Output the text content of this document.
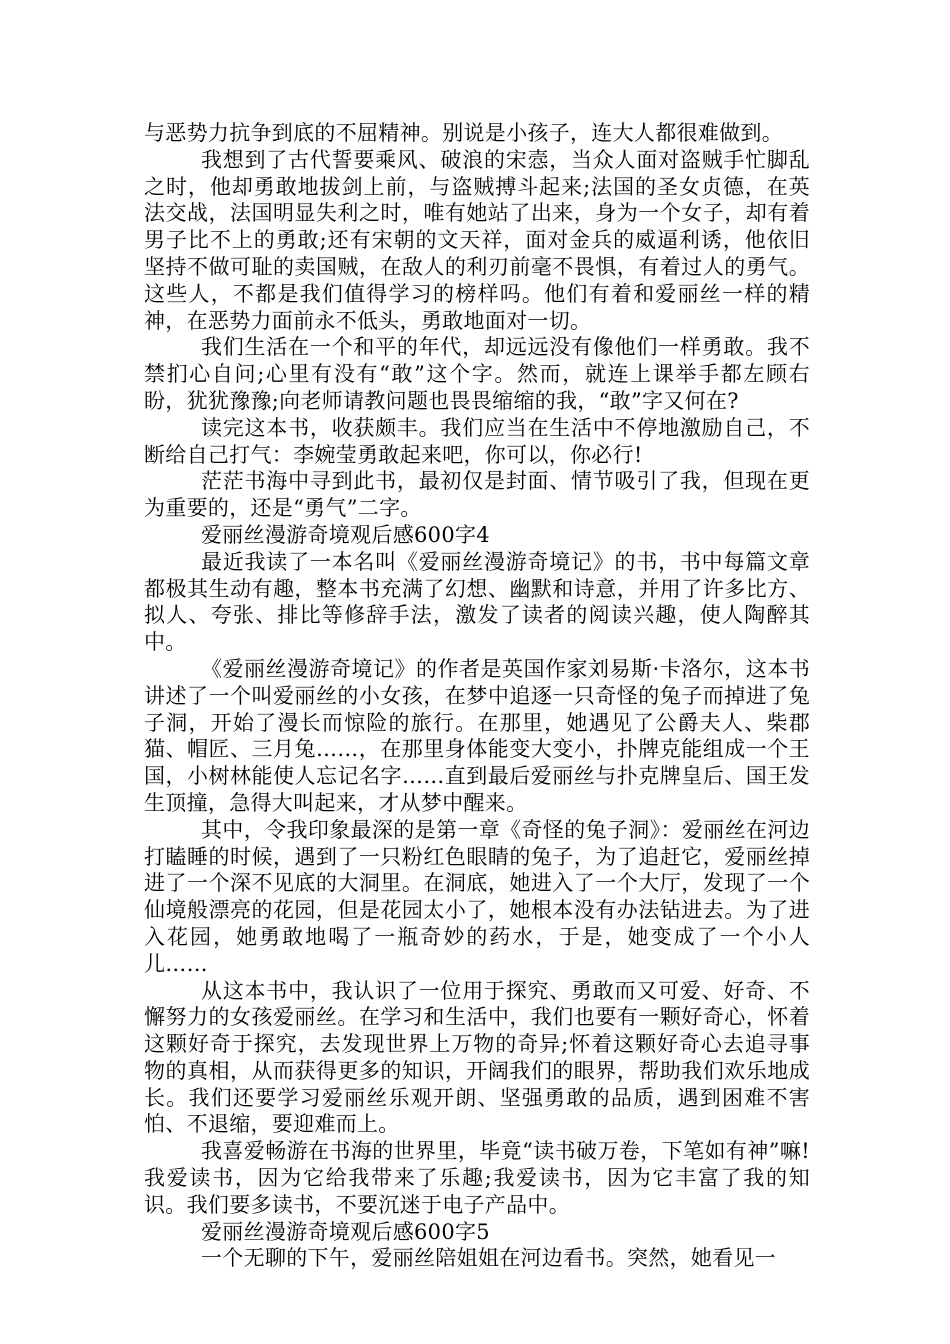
与恶势力抗争到底的不屈精神。别说是小孩子，连大人都很难做到。

我想到了古代誓要乘风、破浪的宋悫，当众人面对盗贼手忙脚乱之时，他却勇敢地拔剑上前，与盗贼搏斗起来;法国的圣女贞德，在英法交战，法国明显失利之时，唯有她站了出来，身为一个女子，却有着男子比不上的勇敢;还有宋朝的文天祥，面对金兵的威逼利诱，他依旧坚持不做可耻的卖国贼，在敌人的利刃前毫不畏惧，有着过人的勇气。这些人，不都是我们值得学习的榜样吗。他们有着和爱丽丝一样的精神，在恶势力面前永不低头，勇敢地面对一切。

我们生活在一个和平的年代，却远远没有像他们一样勇敢。我不禁扪心自问;心里有没有“敢”这个字。然而，就连上课举手都左顾右盼，犹犹豫豫;向老师请教问题也畏畏缩缩的我，“敢”字又何在?

读完这本书，收获颇丰。我们应当在生活中不停地激励自己，不断给自己打气：李婉莹勇敢起来吧，你可以，你必行!

茫茫书海中寻到此书，最初仅是封面、情节吸引了我，但现在更为重要的，还是“勇气”二字。

爱丽丝漫游奇境观后感600字4

最近我读了一本名叫《爱丽丝漫游奇境记》的书，书中每篇文章都极其生动有趣，整本书充满了幻想、幽默和诗意，并用了许多比方、拟人、夸张、排比等修辞手法，激发了读者的阅读兴趣，使人陶醉其中。

《爱丽丝漫游奇境记》的作者是英国作家刘易斯·卡洛尔，这本书讲述了一个叫爱丽丝的小女孩，在梦中追逐一只奇怪的兔子而掉进了兔子洞，开始了漫长而惊险的旅行。在那里，她遇见了公爵夫人、柴郡猫、帽匠、三月兔……，在那里身体能变大变小，扑牌克能组成一个王国，小树林能使人忘记名字……直到最后爱丽丝与扑克牌皇后、国王发生顶撞，急得大叫起来，才从梦中醒来。

其中，令我印象最深的是第一章《奇怪的兔子洞》：爱丽丝在河边打瞌睡的时候，遇到了一只粉红色眼睛的兔子，为了追赶它，爱丽丝掉进了一个深不见底的大洞里。在洞底，她进入了一个大厅，发现了一个仙境般漂亮的花园，但是花园太小了，她根本没有办法钻进去。为了进入花园，她勇敢地喝了一瓶奇妙的药水，于是，她变成了一个小人儿……

从这本书中，我认识了一位用于探究、勇敢而又可爱、好奇、不懈努力的女孩爱丽丝。在学习和生活中，我们也要有一颗好奇心，怀着这颗好奇于探究，去发现世界上万物的奇异;怀着这颗好奇心去追寻事物的真相，从而获得更多的知识，开阔我们的眼界，帮助我们欢乐地成长。我们还要学习爱丽丝乐观开朗、坚强勇敢的品质，遇到困难不害怕、不退缩，要迎难而上。

我喜爱畅游在书海的世界里，毕竟“读书破万卷，下笔如有神”嘛!我爱读书，因为它给我带来了乐趣;我爱读书，因为它丰富了我的知识。我们要多读书，不要沉迷于电子产品中。

爱丽丝漫游奇境观后感600字5

一个无聊的下午，爱丽丝陪姐姐在河边看书。突然，她看见一
